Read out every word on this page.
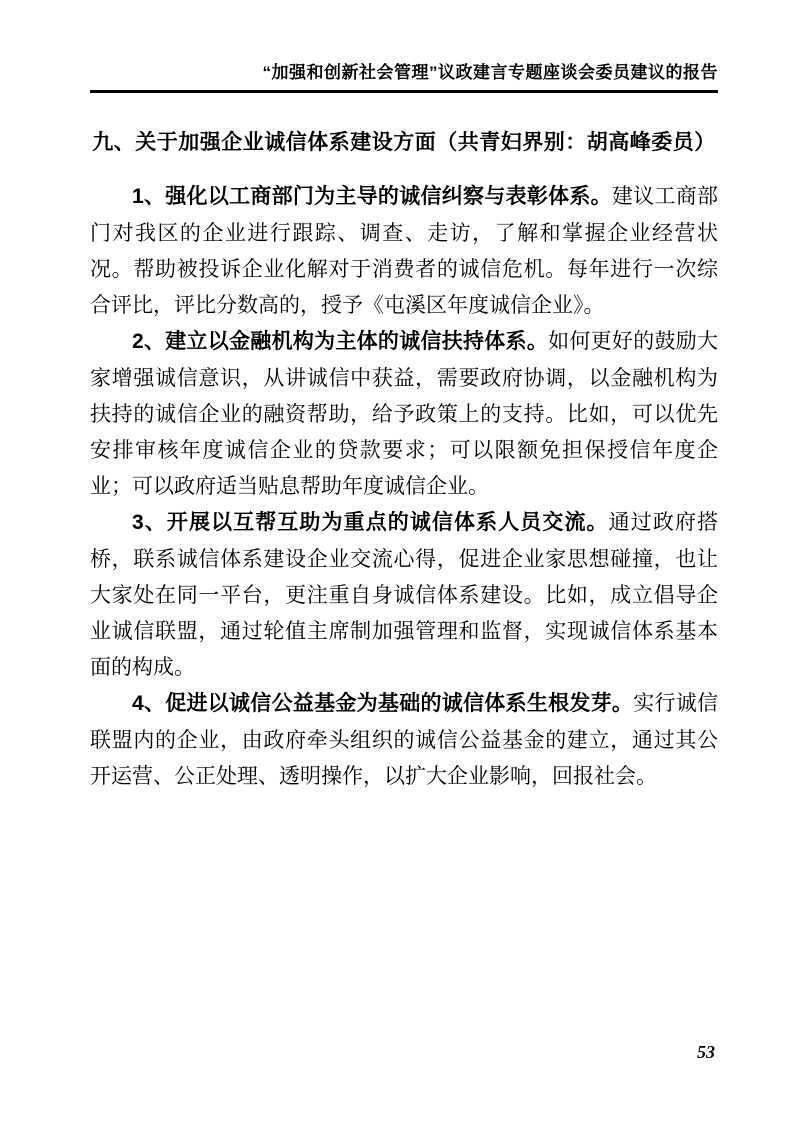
“加强和创新社会管理”议政建言专题座谈会委员建议的报告
九、关于加强企业诚信体系建设方面（共青妇界别：胡高峰委员）

1、强化以工商部门为主导的诚信纠察与表彰体系。建议工商部门对我区的企业进行跟踪、调查、走访，了解和掌握企业经营状况。帮助被投诉企业化解对于消费者的诚信危机。每年进行一次综合评比，评比分数高的，授予《屯溪区年度诚信企业》。

2、建立以金融机构为主体的诚信扶持体系。如何更好的鼓励大家增强诚信意识，从讲诚信中获益，需要政府协调，以金融机构为扶持的诚信企业的融资帮助，给予政策上的支持。比如，可以优先安排审核年度诚信企业的贷款要求；可以限额免担保授信年度企业；可以政府适当贴息帮助年度诚信企业。

3、开展以互帮互助为重点的诚信体系人员交流。通过政府搭桥，联系诚信体系建设企业交流心得，促进企业家思想碰撞，也让大家处在同一平台，更注重自身诚信体系建设。比如，成立倡导企业诚信联盟，通过轮值主席制加强管理和监督，实现诚信体系基本面的构成。

4、促进以诚信公益基金为基础的诚信体系生根发芽。实行诚信联盟内的企业，由政府牵头组织的诚信公益基金的建立，通过其公开运营、公正处理、透明操作，以扩大企业影响，回报社会。

53
